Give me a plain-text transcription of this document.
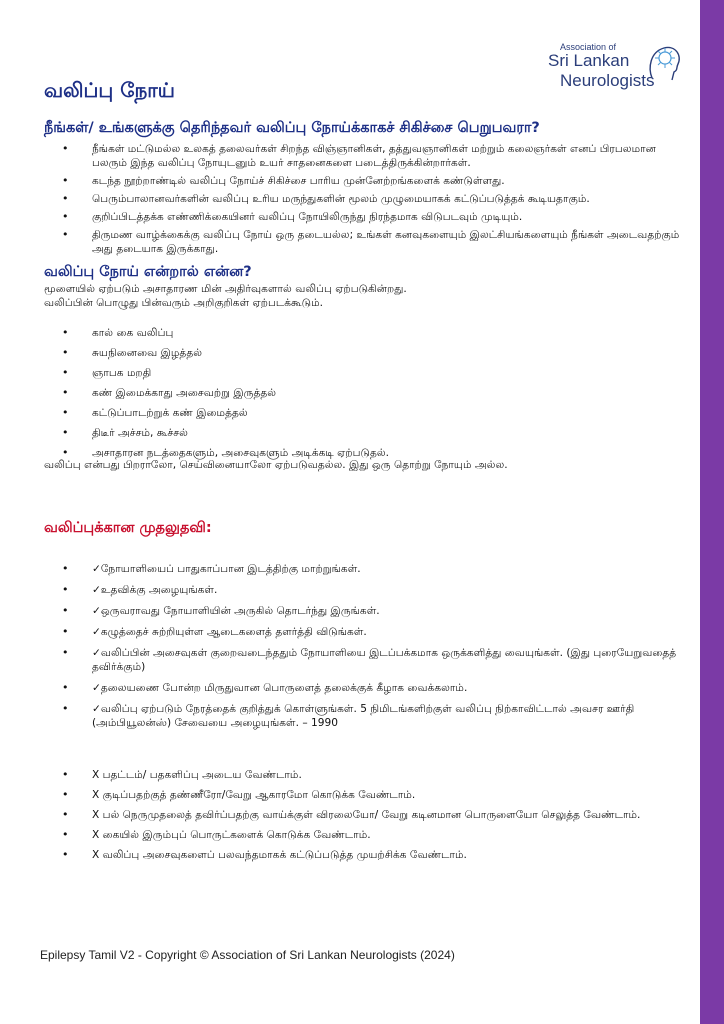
Association of
Sri Lankan
Neurologists
வலிப்பு நோய்
நீங்கள்/ உங்களுக்கு தெரிந்தவர் வலிப்பு நோய்க்காகச் சிகிச்சை பெறுபவரா?
• நீங்கள் மட்டுமல்ல உலகத் தலைவர்கள் சிறந்த விஞ்ஞானிகள், தத்துவஞானிகள் மற்றும் கலைஞர்கள் எனப் பிரபலமான பலரும் இந்த வலிப்பு நோயுடனும் உயர் சாதனைகளை படைத்திருக்கின்றார்கள்.
• கடந்த நூற்றாண்டில் வலிப்பு நோய்ச் சிகிச்சை பாரிய முன்னேற்றங்களைக் கண்டுள்ளது.
• பெரும்பாலானவர்களின் வலிப்பு உரிய மருந்துகளின் மூலம் முழுமையாகக் கட்டுப்படுத்தக் கூடியதாகும்.
• குறிப்பிடத்தக்க எண்ணிக்கையினர் வலிப்பு நோயிலிருந்து நிரந்தமாக விடுபடவும் முடியும்.
• திருமண வாழ்க்கைக்கு வலிப்பு நோய் ஒரு தடையல்ல; உங்கள் கனவுகளையும் இலட்சியங்களையும் நீங்கள் அடைவதற்கும் அது தடையாக இருக்காது.
வலிப்பு நோய் என்றால் என்ன?
மூளையில் ஏற்படும் அசாதாரண மின் அதிர்வுகளால் வலிப்பு ஏற்படுகின்றது.
வலிப்பின் பொழுது பின்வரும் அறிகுறிகள் ஏற்படக்கூடும்.
• கால் கை வலிப்பு
• சுயநினைவை இழத்தல்
• ஞாபக மறதி
• கண் இமைக்காது அசைவற்று இருத்தல்
• கட்டுப்பாடற்றுக் கண் இமைத்தல்
• திடீர் அச்சம், கூச்சல்
• அசாதாரன நடத்தைகளும், அசைவுகளும் அடிக்கடி ஏற்படுதல்.
வலிப்பு என்பது பிறராலோ, செய்வினையாலோ ஏற்படுவதல்ல. இது ஒரு தொற்று நோயும் அல்ல.
வலிப்புக்கான முதலுதவி:
• ✓நோயாளியைப் பாதுகாப்பான இடத்திற்கு மாற்றுங்கள்.
• ✓உதவிக்கு அழையுங்கள்.
• ✓ஒருவராவது நோயாளியின் அருகில் தொடர்ந்து இருங்கள்.
• ✓கழுத்தைச் சுற்றியுள்ள ஆடைகளைத் தளர்த்தி விடுங்கள்.
• ✓வலிப்பின் அசைவுகள் குறைவடைந்ததும் நோயாளியை இடப்பக்கமாக ஒருக்களித்து வையுங்கள். (இது புரையேறுவதைத் தவிர்க்கும்)
• ✓தலையணை போன்ற மிருதுவான பொருளைத் தலைக்குக் கீழாக வைக்கலாம்.
• ✓வலிப்பு ஏற்படும் நேரத்தைக் குறித்துக் கொள்ளுங்கள். 5 நிமிடங்களிற்குள் வலிப்பு நிற்காவிட்டால் அவசர ஊர்தி (அம்பியூலன்ஸ்) சேவையை அழையுங்கள். – 1990
• X பதட்டம்/ பதகளிப்பு அடைய வேண்டாம்.
• X குடிப்பதற்குத் தண்ணீரோ/வேறு ஆகாரமோ கொடுக்க வேண்டாம்.
• X பல் நெருமுதலைத் தவிர்ப்பதற்கு வாய்க்குள் விரலையோ/ வேறு கடினமான பொருளையோ செலுத்த வேண்டாம்.
• X கையில் இரும்புப் பொருட்களைக் கொடுக்க வேண்டாம்.
• X வலிப்பு அசைவுகளைப் பலவந்தமாகக் கட்டுப்படுத்த முயற்சிக்க வேண்டாம்.
Epilepsy Tamil V2 - Copyright © Association of Sri Lankan Neurologists (2024)
